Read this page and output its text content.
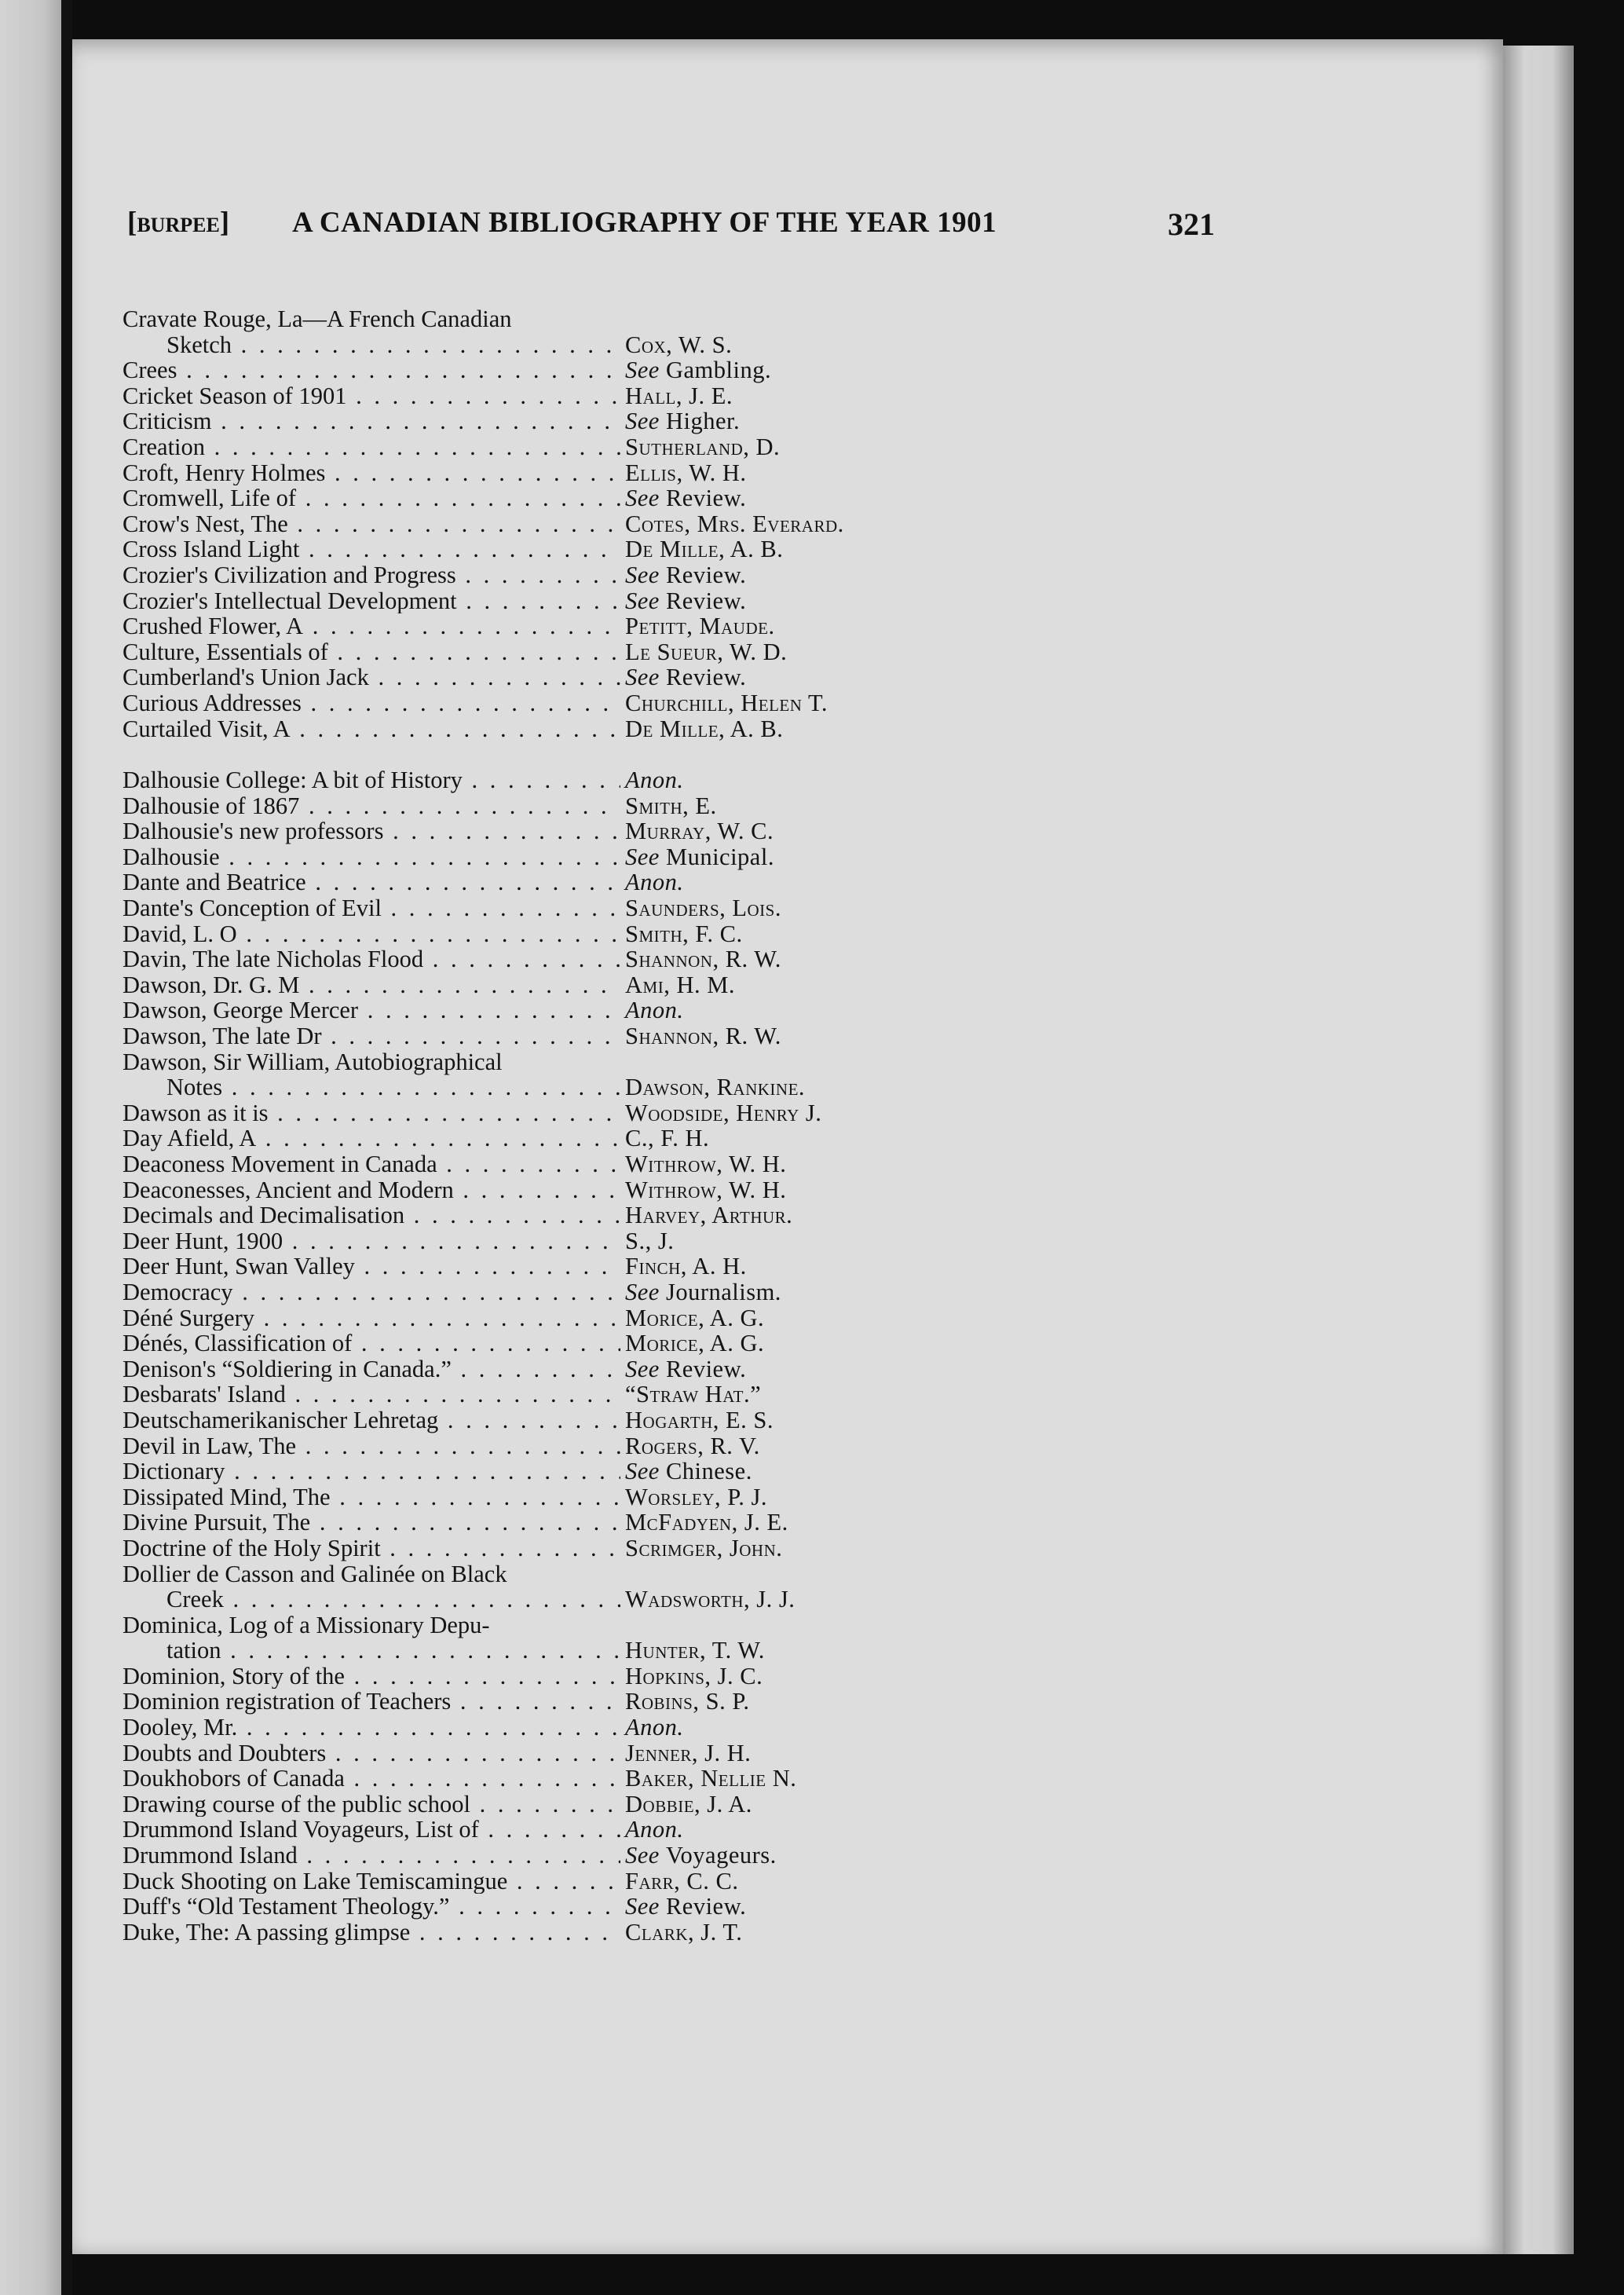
[burpee] A CANADIAN BIBLIOGRAPHY OF THE YEAR 1901	321
Cravate Rouge, La—A French Canadian
Sketch . . .	Cox, W. S.
Crees . . .	See Gambling.
Cricket Season of 1901 . . .	Hall, J. E.
Criticism . . .	See Higher.
Creation . . .	Sutherland, D.
Croft, Henry Holmes . . .	Ellis, W. H.
Cromwell, Life of . . .	See Review.
Crow's Nest, The . . .	Cotes, Mrs. Everard.
Cross Island Light . . .	De Mille, A. B.
Crozier's Civilization and Progress . . .	See Review.
Crozier's Intellectual Development . . .	See Review.
Crushed Flower, A . . .	Petitt, Maude.
Culture, Essentials of . . .	Le Sueur, W. D.
Cumberland's Union Jack . . .	See Review.
Curious Addresses . . .	Churchill, Helen T.
Curtailed Visit, A . . .	De Mille, A. B.
Dalhousie College: A bit of History . . .	Anon.
Dalhousie of 1867 . . .	Smith, E.
Dalhousie's new professors . . .	Murray, W. C.
Dalhousie . . .	See Municipal.
Dante and Beatrice . . .	Anon.
Dante's Conception of Evil . . .	Saunders, Lois.
David, L. O . . .	Smith, F. C.
Davin, The late Nicholas Flood . . .	Shannon, R. W.
Dawson, Dr. G. M . . .	Ami, H. M.
Dawson, George Mercer . . .	Anon.
Dawson, The late Dr . . .	Shannon, R. W.
Dawson, Sir William, Autobiographical
Notes . . .	Dawson, Rankine.
Dawson as it is . . .	Woodside, Henry J.
Day Afield, A . . .	C., F. H.
Deaconess Movement in Canada . . .	Withrow, W. H.
Deaconesses, Ancient and Modern . . .	Withrow, W. H.
Decimals and Decimalisation . . .	Harvey, Arthur.
Deer Hunt, 1900 . . .	S., J.
Deer Hunt, Swan Valley . . .	Finch, A. H.
Democracy . . .	See Journalism.
Déné Surgery . . .	Morice, A. G.
Dénés, Classification of . . .	Morice, A. G.
Denison's “Soldiering in Canada.” . . .	See Review.
Desbarats' Island . . .	“Straw Hat.”
Deutschamerikanischer Lehretag . . .	Hogarth, E. S.
Devil in Law, The . . .	Rogers, R. V.
Dictionary . . .	See Chinese.
Dissipated Mind, The . . .	Worsley, P. J.
Divine Pursuit, The . . .	McFadyen, J. E.
Doctrine of the Holy Spirit . . .	Scrimger, John.
Dollier de Casson and Galinée on Black
Creek . . .	Wadsworth, J. J.
Dominica, Log of a Missionary Depu-
tation . . .	Hunter, T. W.
Dominion, Story of the . . .	Hopkins, J. C.
Dominion registration of Teachers . . .	Robins, S. P.
Dooley, Mr. . . .	Anon.
Doubts and Doubters . . .	Jenner, J. H.
Doukhobors of Canada . . .	Baker, Nellie N.
Drawing course of the public school . . .	Dobbie, J. A.
Drummond Island Voyageurs, List of . . .	Anon.
Drummond Island . . .	See Voyageurs.
Duck Shooting on Lake Temiscamingue . . .	Farr, C. C.
Duff's “Old Testament Theology.” . . .	See Review.
Duke, The: A passing glimpse . . .	Clark, J. T.
